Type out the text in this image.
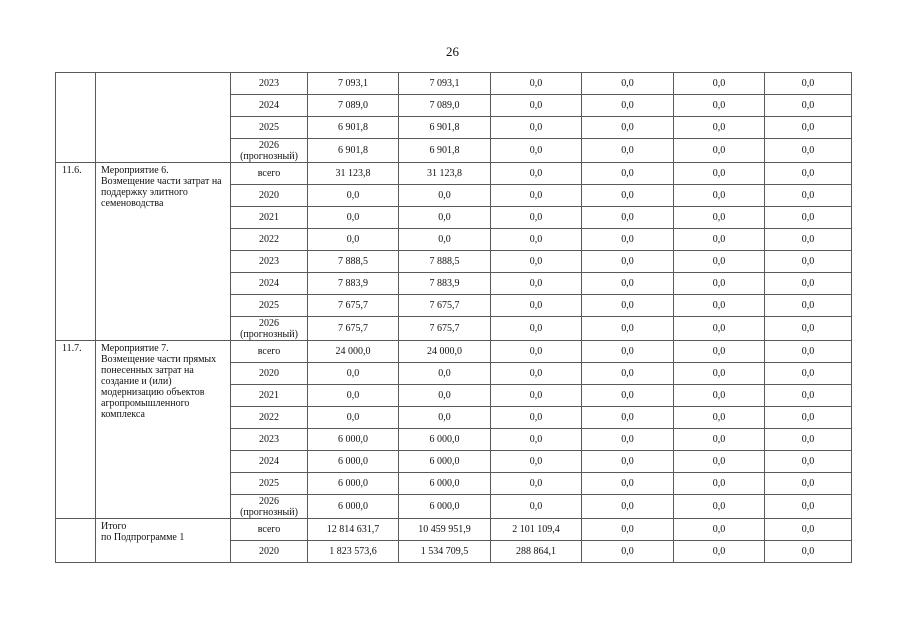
26
		2023	7 093,1	7 093,1	0,0	0,0	0,0	0,0
		2024	7 089,0	7 089,0	0,0	0,0	0,0	0,0
		2025	6 901,8	6 901,8	0,0	0,0	0,0	0,0
		2026
(прогнозный)	6 901,8	6 901,8	0,0	0,0	0,0	0,0
11.6.	Мероприятие 6.
Возмещение части затрат на поддержку элитного семеноводства	всего	31 123,8	31 123,8	0,0	0,0	0,0	0,0
		2020	0,0	0,0	0,0	0,0	0,0	0,0
		2021	0,0	0,0	0,0	0,0	0,0	0,0
		2022	0,0	0,0	0,0	0,0	0,0	0,0
		2023	7 888,5	7 888,5	0,0	0,0	0,0	0,0
		2024	7 883,9	7 883,9	0,0	0,0	0,0	0,0
		2025	7 675,7	7 675,7	0,0	0,0	0,0	0,0
		2026
(прогнозный)	7 675,7	7 675,7	0,0	0,0	0,0	0,0
11.7.	Мероприятие 7.
Возмещение части прямых понесенных затрат на создание и (или) модернизацию объектов агропромышленного комплекса	всего	24 000,0	24 000,0	0,0	0,0	0,0	0,0
		2020	0,0	0,0	0,0	0,0	0,0	0,0
		2021	0,0	0,0	0,0	0,0	0,0	0,0
		2022	0,0	0,0	0,0	0,0	0,0	0,0
		2023	6 000,0	6 000,0	0,0	0,0	0,0	0,0
		2024	6 000,0	6 000,0	0,0	0,0	0,0	0,0
		2025	6 000,0	6 000,0	0,0	0,0	0,0	0,0
		2026
(прогнозный)	6 000,0	6 000,0	0,0	0,0	0,0	0,0
	Итого
по Подпрограмме 1	всего	12 814 631,7	10 459 951,9	2 101 109,4	0,0	0,0	0,0
		2020	1 823 573,6	1 534 709,5	288 864,1	0,0	0,0	0,0
